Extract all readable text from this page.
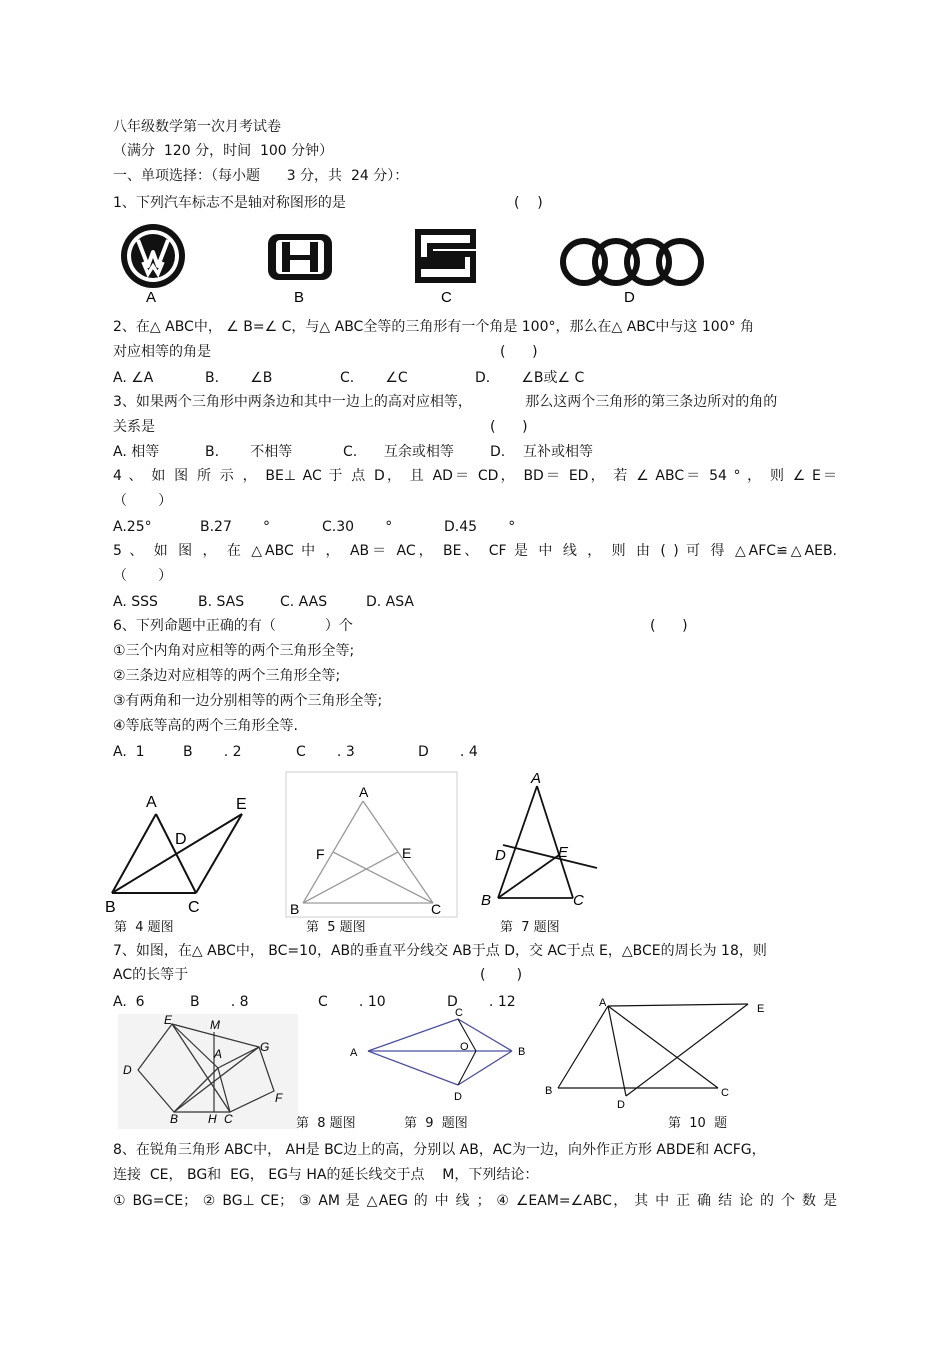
八年级数学第一次月考试卷
（满分  120 分，时间  100 分钟）
一、单项选择：（每小题      3 分，共  24 分）：
1、下列汽车标志不是轴对称图形的是	(    )
A	B	C	D
2、在△ ABC中， ∠ B=∠ C，与△ ABC全等的三角形有一个角是 100°，那么在△ ABC中与这 100° 角
对应相等的角是	(      )
A. ∠A	B.       ∠B	C.       ∠C	D.       ∠B或∠ C
3、如果两个三角形中两条边和其中一边上的高对应相等，            那么这两个三角形的第三条边所对的角的
关系是	(      )
A. 相等	B.       不相等	C.      互余或相等	D.    互补或相等
4 、 如 图 所 示 ， BE⊥ AC 于 点 D， 且 AD＝ CD， BD＝ ED， 若 ∠ ABC＝ 54 ° ， 则 ∠ E＝
（       ）
A.25°	B.27       °	C.30       °	D.45       °
5 、 如 图 ， 在 △ABC 中 ， AB＝ AC， BE、 CF 是 中 线 ， 则 由 ( ) 可 得 △AFC≌△AEB.
（       ）
A. SSS	B. SAS	C. AAS	D. ASA
6、下列命题中正确的有（           ）个	(      )
①三个内角对应相等的两个三角形全等;
②三条边对应相等的两个三角形全等;
③有两角和一边分别相等的两个三角形全等;
④等底等高的两个三角形全等.
A.  1	B       . 2	C       . 3	D       . 4
A	E
D
B	C
第  4 题图
A
F	E
B	C
第  5 题图
A
D	E
B	C
第  7 题图
7、如图，在△ ABC中， BC=10，AB的垂直平分线交 AB于点 D，交 AC于点 E，△BCE的周长为 18，则
AC的长等于	(       )
A.  6	B       . 8	C       . 10	D       . 12
E	M
G
A
D
F
B H C	第  8 题图
C
A	O	B
D
第  9  题图
A	E
B	C
D
第  10  题
8、在锐角三角形 ABC中， AH是 BC边上的高，分别以 AB，AC为一边，向外作正方形 ABDE和 ACFG，
连接  CE， BG和  EG， EG与 HA的延长线交于点    M，下列结论：
① BG=CE； ② BG⊥ CE； ③ AM 是 △AEG 的 中 线 ； ④ ∠EAM=∠ABC， 其 中 正 确 结 论 的 个 数 是
